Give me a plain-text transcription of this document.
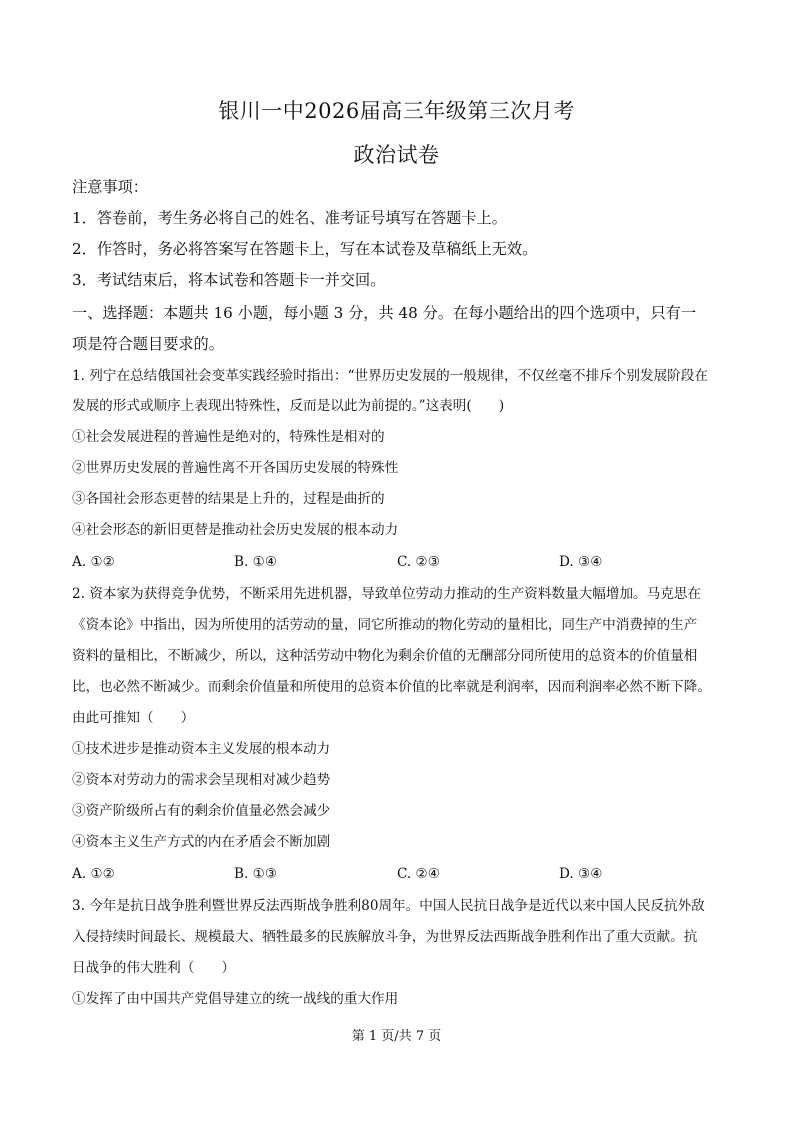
银川一中2026届高三年级第三次月考
政治试卷
注意事项：
1．答卷前，考生务必将自己的姓名、准考证号填写在答题卡上。
2．作答时，务必将答案写在答题卡上，写在本试卷及草稿纸上无效。
3．考试结束后，将本试卷和答题卡一并交回。
一、选择题：本题共 16 小题，每小题 3 分，共 48 分。在每小题给出的四个选项中，只有一
项是符合题目要求的。
1. 列宁在总结俄国社会变革实践经验时指出：“世界历史发展的一般规律，不仅丝毫不排斥个别发展阶段在
发展的形式或顺序上表现出特殊性，反而是以此为前提的。”这表明(　　)
①社会发展进程的普遍性是绝对的，特殊性是相对的
②世界历史发展的普遍性离不开各国历史发展的特殊性
③各国社会形态更替的结果是上升的，过程是曲折的
④社会形态的新旧更替是推动社会历史发展的根本动力
A. ①②	B. ①④	C. ②③	D. ③④
2. 资本家为获得竞争优势，不断采用先进机器，导致单位劳动力推动的生产资料数量大幅增加。马克思在
《资本论》中指出，因为所使用的活劳动的量，同它所推动的物化劳动的量相比，同生产中消费掉的生产
资料的量相比，不断减少，所以，这种活劳动中物化为剩余价值的无酬部分同所使用的总资本的价值量相
比，也必然不断减少。而剩余价值量和所使用的总资本价值的比率就是利润率，因而利润率必然不断下降。
由此可推知（　　）
①技术进步是推动资本主义发展的根本动力
②资本对劳动力的需求会呈现相对减少趋势
③资产阶级所占有的剩余价值量必然会减少
④资本主义生产方式的内在矛盾会不断加剧
A. ①②	B. ①③	C. ②④	D. ③④
3. 今年是抗日战争胜利暨世界反法西斯战争胜利80周年。中国人民抗日战争是近代以来中国人民反抗外敌
入侵持续时间最长、规模最大、牺牲最多的民族解放斗争，为世界反法西斯战争胜利作出了重大贡献。抗
日战争的伟大胜利（　　）
①发挥了由中国共产党倡导建立的统一战线的重大作用
第 1 页/共 7 页
